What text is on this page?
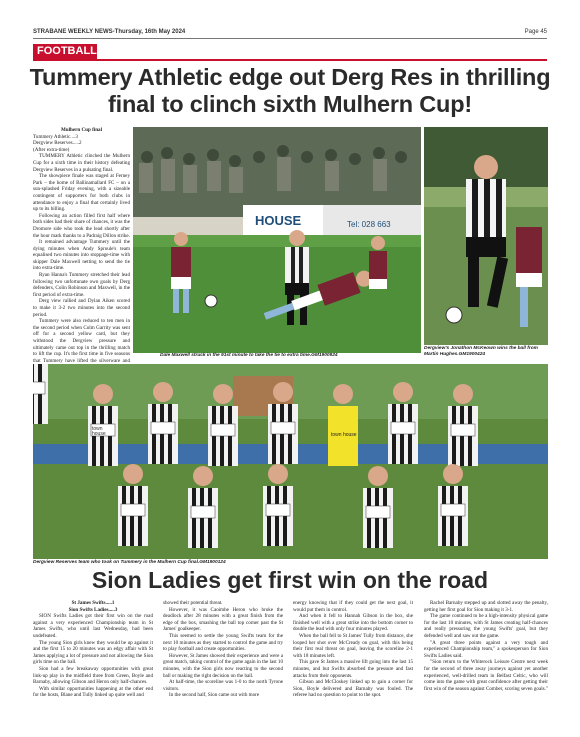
STRABANE WEEKLY NEWS-Thursday, 16th May 2024	Page 45
FOOTBALL
Tummery Athletic edge out Derg Res in thrilling final to clinch sixth Mulhern Cup!

Mulhern Cup final

Tummery Athletic....3

Dergview Reserves.....2

(After extra-time)

TUMMERY Athletic clinched the Mulhern Cup for a sixth time in their history defeating Dergview Reserves in a pulsating final.

The showpiece finale was staged at Ferney Park – the home of Ballinamallard FC – on a sun-splashed Friday evening, with a sizeable contingent of supporters for both clubs in attendance to enjoy a final that certainly lived up to its billing.

Following an action filled first half where both sides had their share of chances, it was the Dromore side who took the lead shortly after the hour mark thanks to a Padraig Dillon strike.

It remained advantage Tummery until the dying minutes when Andy Sproule's team equalised two minutes into stoppage-time with skipper Dale Maxwell netting to send the tie into extra-time.

Ryan Hanna's Tummery stretched their lead following two unfortunate own goals by Derg defenders, Colin Robinson and Maxwell, in the first period of extra-time.

Derg view rallied and Dylan Aiken scored to make it 3-2 two minutes into the second period.

Tummery were also reduced to ten men in the second period when Colm Garrity was sent off for a second yellow card, but they withstood the Dergview pressure and ultimately came out top in the thrilling match to lift the cup. It's the first time in five seasons that Tummery have lifted the silverware and

HOUSE	Tel: 028 663
Dale Maxwell struck in the 91st minute to take the tie to extra time.GM1900924
Dergview's Jonathon McKeown wins the ball from Martin Hughes.GM1900424
town house
town
house
Dergview Reserves team who took on Tummery in the Mulhern Cup final.GM1900124
Sion Ladies get first win on the road

St James Swifts.....1

Sion Swifts Ladies.....3

SION Swifts Ladies got their first win on the road against a very experienced Championship team in St James Swifts, who until last Wednesday, had been undefeated.

The young Sion girls knew they would be up against it and the first 15 to 20 minutes was an edgy affair with St James applying a lot of pressure and not allowing the Sion girls time on the ball.

Sion had a few breakaway opportunities with great link-up play in the midfield three from Green, Boyle and Barnaby, allowing Gibson and Heron only half-chances.

With similar opportunities happening at the other end for the hosts, Blane and Tully linked up quite well and

showed their potential threat.

However, it was Caoimhe Heron who broke the deadlock after 28 minutes with a great finish from the edge of the box, smashing the ball top corner past the St James' goalkeeper.

This seemed to settle the young Swifts team for the next 10 minutes as they started to control the game and try to play football and create opportunities.

However, St James showed their experience and were a great match, taking control of the game again in the last 10 minutes, with the Sion girls now reacting to the second ball or making the right decision on the ball.

At half-time, the scoreline was 1-0 to the north Tyrone visitors.

In the second half, Sion came out with more

energy knowing that if they could get the next goal, it would put them in control.

And when it fell to Hannah Gibson in the box, she finished well with a great strike into the bottom corner to double the lead with only four minutes played.

When the ball fell to St James' Tully from distance, she looped her shot over McCready on goal, with this being their first real threat on goal, leaving the scoreline 2-1 with 18 minutes left.

This gave St James a massive lift going into the last 15 minutes, and but Swifts absorbed the pressure and fast attacks from their opponents.

Gibson and McCloskey linked up to gain a corner for Sion, Boyle delivered and Barnaby was fouled. The referee had no question to point to the spot.

Rachel Barnaby stepped up and slotted away the penalty, getting her first goal for Sion making it 3-1.

The game continued to be a high-intensity physical game for the last 10 minutes, with St James creating half-chances and really pressuring the young Swifts' goal, but they defended well and saw out the game.

"A great three points against a very tough and experienced Championship team," a spokesperson for Sion Swifts Ladies said.

"Sion return to the Whiterock Leisure Centre next week for the second of three away journeys against yet another experienced, well-drilled team in Belfast Celtic, who will come into the game with great confidence after getting their first win of the season against Comber, scoring seven goals."
